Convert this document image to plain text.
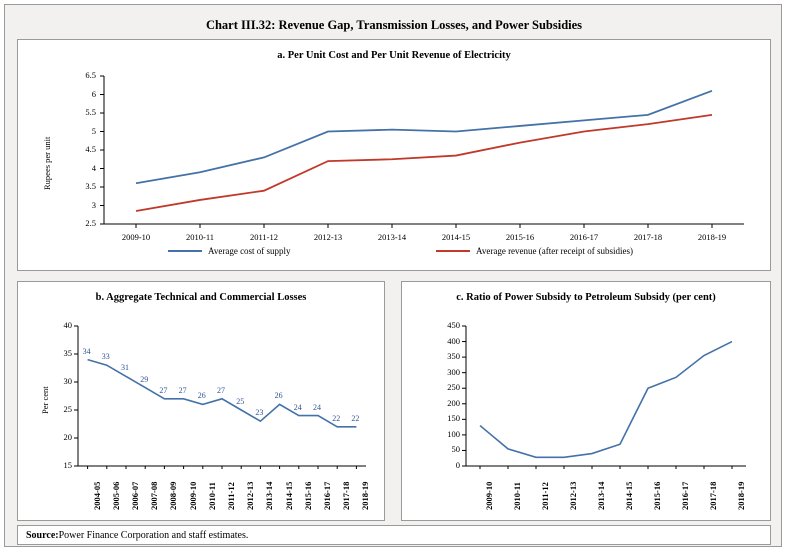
Chart III.32: Revenue Gap, Transmission Losses, and Power Subsidies
a. Per Unit Cost and Per Unit Revenue of Electricity
Rupees per unit
Average cost of supply	Average revenue (after receipt of subsidies)
2.5
3
3.5
4
4.5
5
5.5
6
6.5
2009-10	2010-11	2011-12	2012-13	2013-14	2014-15	2015-16	2016-17	2017-18	2018-19
b. Aggregate Technical and Commercial Losses
Per cent
15
20
25
30
35
40
2004-05
34
2005-06
33
2006-07
31
2007-08
29
2008-09
27
2009-10
27
2010-11
26
2011-12
27
2012-13
25
2013-14
23
2014-15
26
2015-16
24
2016-17
24
2017-18
22
2018-19
22
c. Ratio of Power Subsidy to Petroleum Subsidy (per cent)
0
50
100
150
200
250
300
350
400
450
2009-10 2010-11 2011-12 2012-13 2013-14 2014-15 2015-16 2016-17 2017-18 2018-19
Source: Power Finance Corporation and staff estimates.
